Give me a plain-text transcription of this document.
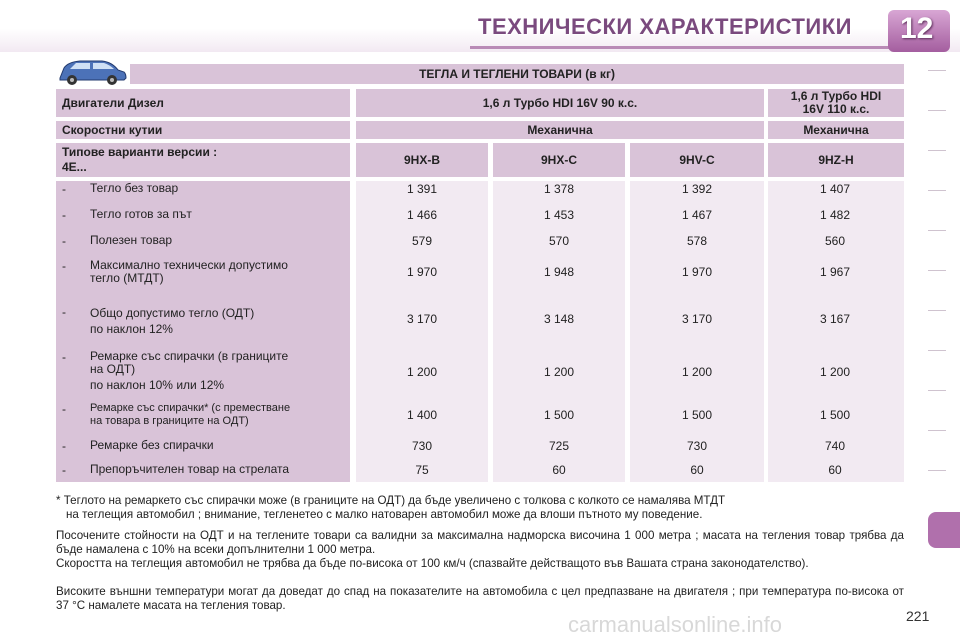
ТЕХНИЧЕСКИ ХАРАКТЕРИСТИКИ 12
ТЕГЛА И ТЕГЛЕНИ ТОВАРИ (в кг)
Двигатели Дизел	1,6 л Турбо HDI 16V 90 к.с.	1,6 л Турбо HDI
16V 110 к.с.
Скоростни кутии	Механична	Механична
Типове варианти версии :
4E...	9HX-B	9HX-C	9HV-C	9HZ-H
- Тегло без товар	1 391	1 378	1 392	1 407
- Тегло готов за път	1 466	1 453	1 467	1 482
- Полезен товар	579	570	578	560
- Максимално технически допустимо
тегло (МТДТ)	1 970	1 948	1 970	1 967
- Общо допустимо тегло (ОДТ)
по наклон 12%
3 170	3 148	3 170	3 167
- Ремарке със спирачки (в границите
на ОДТ)
по наклон 10% или 12%
1 200	1 200	1 200	1 200
- Ремарке със спирачки* (с преместване
на товара в границите на ОДТ)	1 400	1 500	1 500	1 500
- Ремарке без спирачки	730	725	730	740
- Препоръчителен товар на стрелата	75	60	60	60
* Теглото на ремаркето със спирачки може (в границите на ОДТ) да бъде увеличено с толкова с колкото се намалява МТДТ
на теглещия автомобил ; внимание, тегленетео с малко натоварен автомобил може да влоши пътното му поведение.
Посочените стойности на ОДТ и на теглените товари са валидни за максимална надморска височина 1 000 метра ; масата на тегления товар трябва да бъде намалена с 10% на всеки допълнителни 1 000 метра.
Скоростта на теглещия автомобил не трябва да бъде по-висока от 100 км/ч (спазвайте действащото във Вашата страна законодателство).
Високите външни температури могат да доведат до спад на показателите на автомобила с цел предпазване на двигателя ; при температура по-висока от 37 °C намалете масата на тегления товар.
carmanualsonline.info	221
